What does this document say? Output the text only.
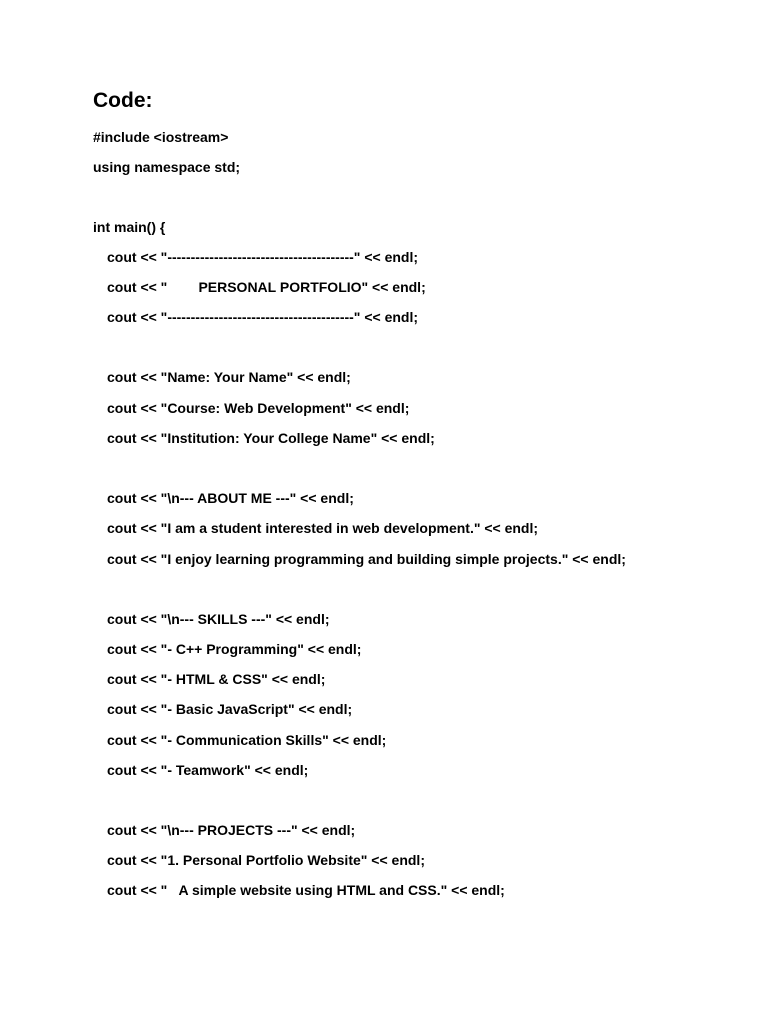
Code:
#include <iostream>
using namespace std;
int main() {
cout << "----------------------------------------" << endl;
cout << "        PERSONAL PORTFOLIO" << endl;
cout << "----------------------------------------" << endl;
cout << "Name: Your Name" << endl;
cout << "Course: Web Development" << endl;
cout << "Institution: Your College Name" << endl;
cout << "\n--- ABOUT ME ---" << endl;
cout << "I am a student interested in web development." << endl;
cout << "I enjoy learning programming and building simple projects." << endl;
cout << "\n--- SKILLS ---" << endl;
cout << "- C++ Programming" << endl;
cout << "- HTML & CSS" << endl;
cout << "- Basic JavaScript" << endl;
cout << "- Communication Skills" << endl;
cout << "- Teamwork" << endl;
cout << "\n--- PROJECTS ---" << endl;
cout << "1. Personal Portfolio Website" << endl;
cout << "   A simple website using HTML and CSS." << endl;
